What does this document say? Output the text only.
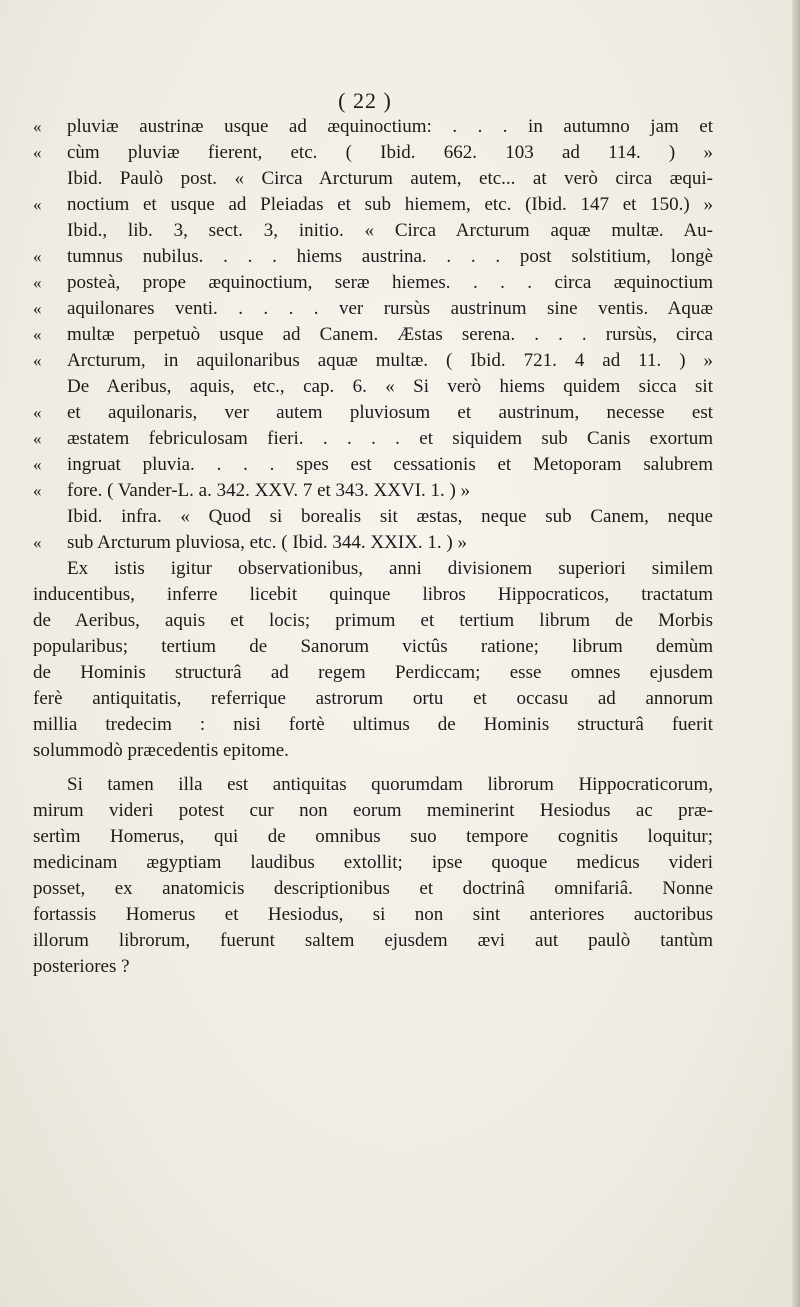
( 22 )
«	pluviæ austrinæ usque ad æquinoctium: . . . in autumno jam et
«	cùm pluviæ fierent, etc. ( Ibid. 662. 103 ad 114. ) »
Ibid. Paulò post. « Circa Arcturum autem, etc... at verò circa æqui-
«	noctium et usque ad Pleiadas et sub hiemem, etc. (Ibid. 147 et 150.) »
Ibid., lib. 3, sect. 3, initio. « Circa Arcturum aquæ multæ. Au-
«	tumnus nubilus. . . . hiems austrina. . . . post solstitium, longè
«	posteà, prope æquinoctium, seræ hiemes. . . . circa æquinoctium
«	aquilonares venti. . . . . ver rursùs austrinum sine ventis. Aquæ
«	multæ perpetuò usque ad Canem. Æstas serena. . . . rursùs, circa
«	Arcturum, in aquilonaribus aquæ multæ. ( Ibid. 721. 4 ad 11. ) »
De Aeribus, aquis, etc., cap. 6. « Si verò hiems quidem sicca sit
«	et aquilonaris, ver autem pluviosum et austrinum, necesse est
«	æstatem febriculosam fieri. . . . . et siquidem sub Canis exortum
«	ingruat pluvia. . . . spes est cessationis et Metoporam salubrem
«	fore. ( Vander-L. a. 342. XXV. 7 et 343. XXVI. 1. ) »
Ibid. infra. « Quod si borealis sit æstas, neque sub Canem, neque
«	sub Arcturum pluviosa, etc. ( Ibid. 344. XXIX. 1. ) »
Ex istis igitur observationibus, anni divisionem superiori similem
inducentibus, inferre licebit quinque libros Hippocraticos, tractatum
de Aeribus, aquis et locis; primum et tertium librum de Morbis
popularibus; tertium de Sanorum victûs ratione; librum demùm
de Hominis structurâ ad regem Perdiccam; esse omnes ejusdem
ferè antiquitatis, referrique astrorum ortu et occasu ad annorum
millia tredecim : nisi fortè ultimus de Hominis structurâ fuerit
solummodò præcedentis epitome.
Si tamen illa est antiquitas quorumdam librorum Hippocraticorum,
mirum videri potest cur non eorum meminerint Hesiodus ac præ-
sertìm Homerus, qui de omnibus suo tempore cognitis loquitur;
medicinam ægyptiam laudibus extollit; ipse quoque medicus videri
posset, ex anatomicis descriptionibus et doctrinâ omnifariâ. Nonne
fortassis Homerus et Hesiodus, si non sint anteriores auctoribus
illorum librorum, fuerunt saltem ejusdem ævi aut paulò tantùm
posteriores ?
